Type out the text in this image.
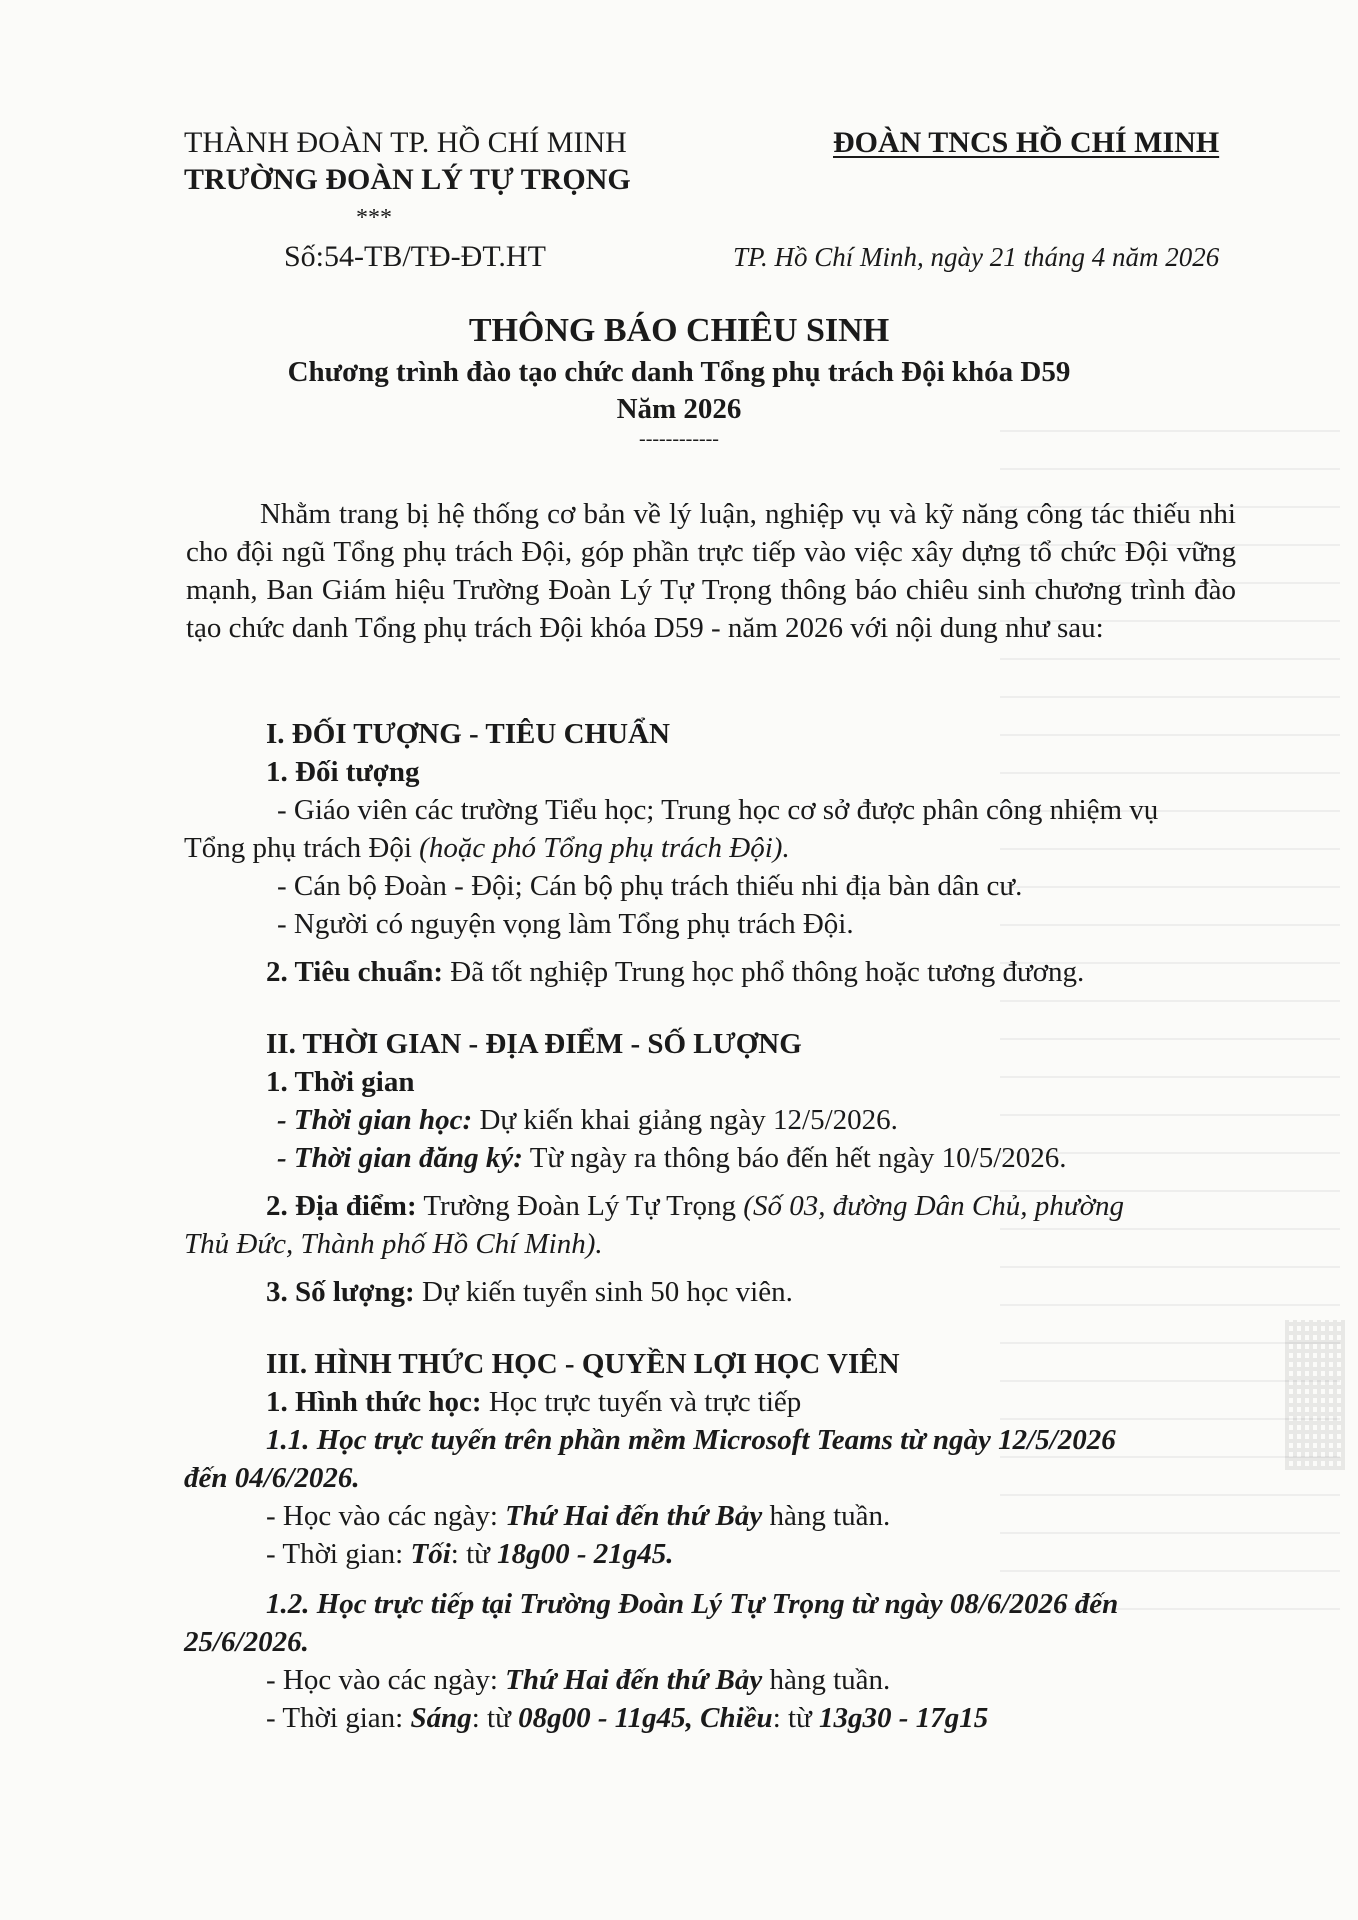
THÀNH ĐOÀN TP. HỒ CHÍ MINH
TRƯỜNG ĐOÀN LÝ TỰ TRỌNG
***
ĐOÀN TNCS HỒ CHÍ MINH
Số:54-TB/TĐ-ĐT.HT	TP. Hồ Chí Minh, ngày 21 tháng 4 năm 2026
THÔNG BÁO CHIÊU SINH
Chương trình đào tạo chức danh Tổng phụ trách Đội khóa D59
Năm 2026
------------
Nhằm trang bị hệ thống cơ bản về lý luận, nghiệp vụ và kỹ năng công tác thiếu nhi cho đội ngũ Tổng phụ trách Đội, góp phần trực tiếp vào việc xây dựng tổ chức Đội vững mạnh, Ban Giám hiệu Trường Đoàn Lý Tự Trọng thông báo chiêu sinh chương trình đào tạo chức danh Tổng phụ trách Đội khóa D59 - năm 2026 với nội dung như sau:
I. ĐỐI TƯỢNG - TIÊU CHUẨN
1. Đối tượng
- Giáo viên các trường Tiểu học; Trung học cơ sở được phân công nhiệm vụ
Tổng phụ trách Đội (hoặc phó Tổng phụ trách Đội).
- Cán bộ Đoàn - Đội; Cán bộ phụ trách thiếu nhi địa bàn dân cư.
- Người có nguyện vọng làm Tổng phụ trách Đội.
2. Tiêu chuẩn: Đã tốt nghiệp Trung học phổ thông hoặc tương đương.
II. THỜI GIAN - ĐỊA ĐIỂM - SỐ LƯỢNG
1. Thời gian
- Thời gian học: Dự kiến khai giảng ngày 12/5/2026.
- Thời gian đăng ký: Từ ngày ra thông báo đến hết ngày 10/5/2026.
2. Địa điểm: Trường Đoàn Lý Tự Trọng (Số 03, đường Dân Chủ, phường
Thủ Đức, Thành phố Hồ Chí Minh).
3. Số lượng: Dự kiến tuyển sinh 50 học viên.
III. HÌNH THỨC HỌC - QUYỀN LỢI HỌC VIÊN
1. Hình thức học: Học trực tuyến và trực tiếp
1.1. Học trực tuyến trên phần mềm Microsoft Teams từ ngày 12/5/2026
đến 04/6/2026.
- Học vào các ngày: Thứ Hai đến thứ Bảy hàng tuần.
- Thời gian: Tối: từ 18g00 - 21g45.
1.2. Học trực tiếp tại Trường Đoàn Lý Tự Trọng từ ngày 08/6/2026 đến
25/6/2026.
- Học vào các ngày: Thứ Hai đến thứ Bảy hàng tuần.
- Thời gian: Sáng: từ 08g00 - 11g45, Chiều: từ 13g30 - 17g15
